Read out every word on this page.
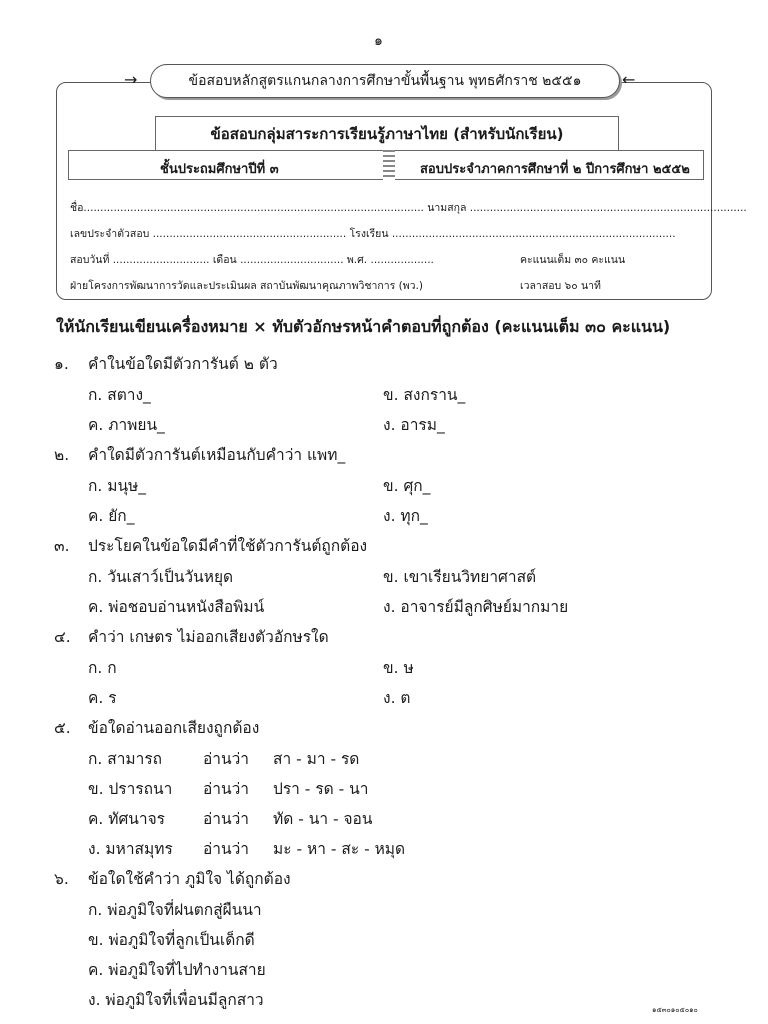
๑
→	←
ข้อสอบหลักสูตรแกนกลางการศึกษาขั้นพื้นฐาน พุทธศักราช ๒๕๕๑
ข้อสอบกลุ่มสาระการเรียนรู้ภาษาไทย (สำหรับนักเรียน)
ชั้นประถมศึกษาปีที่ ๓	สอบประจำภาคการศึกษาที่ ๒ ปีการศึกษา ๒๕๕๒
ชื่อ...................................................................................................... นามสกุล ...................................................................................
เลขประจำตัวสอบ .......................................................... โรงเรียน .....................................................................................
สอบวันที่ ............................. เดือน ............................... พ.ศ. ...................	คะแนนเต็ม ๓๐ คะแนน
ฝ่ายโครงการพัฒนาการวัดและประเมินผล สถาบันพัฒนาคุณภาพวิชาการ (พว.)	เวลาสอบ ๖๐ นาที
ให้นักเรียนเขียนเครื่องหมาย × ทับตัวอักษรหน้าคำตอบที่ถูกต้อง (คะแนนเต็ม ๓๐ คะแนน)
๑. คำในข้อใดมีตัวการันต์ ๒ ตัว
ก. สตาง_	ข. สงกราน_
ค. ภาพยน_	ง. อารม_
๒. คำใดมีตัวการันต์เหมือนกับคำว่า แพท_
ก. มนุษ_	ข. ศุก_
ค. ยัก_	ง. ทุก_
๓. ประโยคในข้อใดมีคำที่ใช้ตัวการันต์ถูกต้อง
ก. วันเสาว์เป็นวันหยุด	ข. เขาเรียนวิทยาศาสต์
ค. พ่อชอบอ่านหนังสือพิมน์	ง. อาจารย์มีลูกศิษย์มากมาย
๔. คำว่า เกษตร ไม่ออกเสียงตัวอักษรใด
ก. ก	ข. ษ
ค. ร	ง. ต
๕. ข้อใดอ่านออกเสียงถูกต้อง
ก. สามารถ	อ่านว่า สา - มา - รด
ข. ปรารถนา อ่านว่า ปรา - รด - นา
ค. ทัศนาจร อ่านว่า ทัด - นา - จอน
ง. มหาสมุทร อ่านว่า มะ - หา - สะ - หมุด
๖. ข้อใดใช้คำว่า ภูมิใจ ได้ถูกต้อง
ก. พ่อภูมิใจที่ฝนตกสู่ผืนนา
ข. พ่อภูมิใจที่ลูกเป็นเด็กดี
ค. พ่อภูมิใจที่ไปทำงานสาย
ง. พ่อภูมิใจที่เพื่อนมีลูกสาว
๑๕๓๐๑๐๕๐๑๐
